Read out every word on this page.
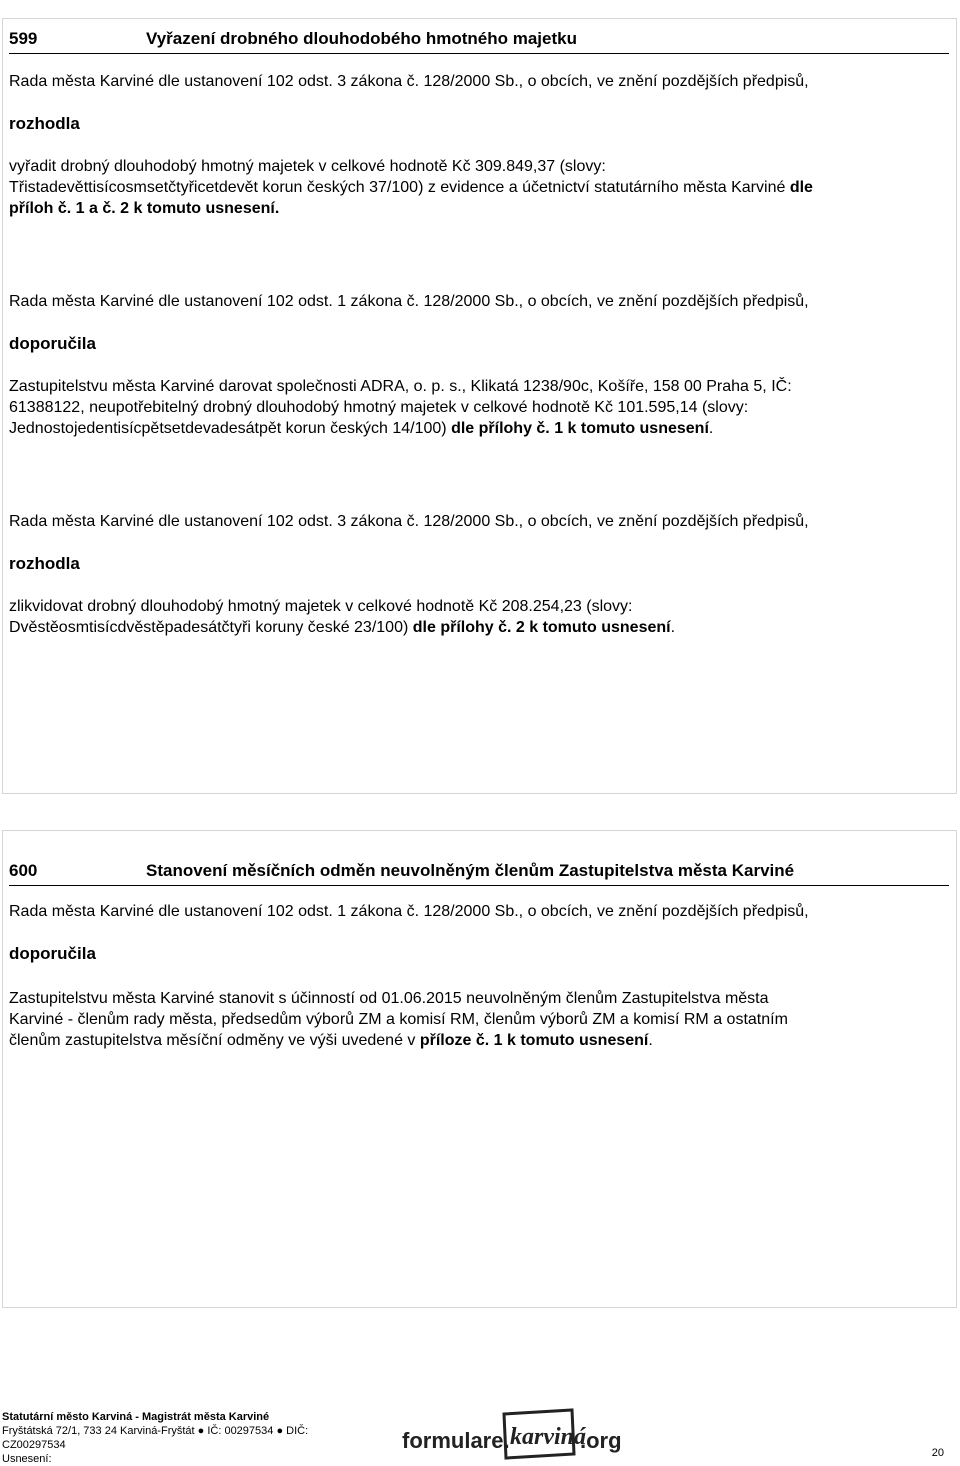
599	Vyřazení drobného dlouhodobého hmotného majetku
Rada města Karviné dle ustanovení 102 odst. 3 zákona č. 128/2000 Sb., o obcích, ve znění pozdějších předpisů,
rozhodla
vyřadit drobný dlouhodobý hmotný majetek v celkové hodnotě Kč 309.849,37 (slovy:
Třistadevěttisícosmsetčtyřicetdevět korun českých 37/100) z evidence a účetnictví statutárního města Karviné dle
příloh č. 1 a č. 2 k tomuto usnesení.
Rada města Karviné dle ustanovení 102 odst. 1 zákona č. 128/2000 Sb., o obcích, ve znění pozdějších předpisů,
doporučila
Zastupitelstvu města Karviné darovat společnosti ADRA, o. p. s., Klikatá 1238/90c, Košíře, 158 00 Praha 5, IČ:
61388122, neupotřebitelný drobný dlouhodobý hmotný majetek v celkové hodnotě Kč 101.595,14 (slovy:
Jednostojedentisícpětsetdevadesátpět korun českých 14/100) dle přílohy č. 1 k tomuto usnesení.
Rada města Karviné dle ustanovení 102 odst. 3 zákona č. 128/2000 Sb., o obcích, ve znění pozdějších předpisů,
rozhodla
zlikvidovat drobný dlouhodobý hmotný majetek v celkové hodnotě Kč 208.254,23 (slovy:
Dvěstěosmtisícdvěstěpadesátčtyři koruny české 23/100) dle přílohy č. 2 k tomuto usnesení.
600	Stanovení měsíčních odměn neuvolněným členům Zastupitelstva města Karviné
Rada města Karviné dle ustanovení 102 odst. 1 zákona č. 128/2000 Sb., o obcích, ve znění pozdějších předpisů,
doporučila
Zastupitelstvu města Karviné stanovit s účinností od 01.06.2015 neuvolněným členům Zastupitelstva města
Karviné - členům rady města, předsedům výborů ZM a komisí RM, členům výborů ZM a komisí RM a ostatním
členům zastupitelstva měsíční odměny ve výši uvedené v příloze č. 1 k tomuto usnesení.
Statutární město Karviná - Magistrát města Karviné
Fryštátská 72/1, 733 24 Karviná-Fryštát ● IČ: 00297534 ● DIČ:
CZ00297534
Usnesení:
formulare. karviná
.org	20
